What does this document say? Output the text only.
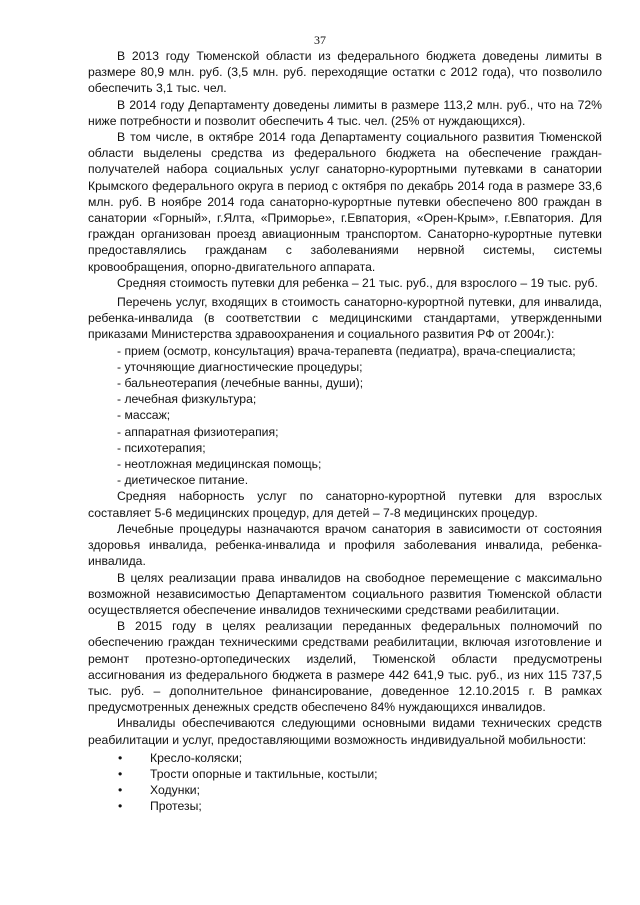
37

В 2013 году Тюменской области из федерального бюджета доведены лимиты в размере 80,9 млн. руб. (3,5 млн. руб. переходящие остатки с 2012 года), что позволило обеспечить 3,1 тыс. чел.

В 2014 году Департаменту доведены лимиты в размере 113,2 млн. руб., что на 72% ниже потребности и позволит обеспечить 4 тыс. чел. (25% от нуждающихся).

В том числе, в октябре 2014 года Департаменту социального развития Тюменской области выделены средства из федерального бюджета на обеспечение граждан-получателей набора социальных услуг санаторно-курортными путевками в санатории Крымского федерального округа в период с октября по декабрь 2014 года в размере 33,6 млн. руб. В ноябре 2014 года санаторно-курортные путевки обеспечено 800 граждан в санатории «Горный», г.Ялта, «Приморье», г.Евпатория, «Орен-Крым», г.Евпатория. Для граждан организован проезд авиационным транспортом. Санаторно-курортные путевки предоставлялись гражданам с заболеваниями нервной системы, системы кровообращения, опорно-двигательного аппарата.

Средняя стоимость путевки для ребенка – 21 тыс. руб., для взрослого – 19 тыс. руб.

Перечень услуг, входящих в стоимость санаторно-курортной путевки, для инвалида, ребенка-инвалида (в соответствии с медицинскими стандартами, утвержденными приказами Министерства здравоохранения и социального развития РФ от 2004г.):

- прием (осмотр, консультация) врача-терапевта (педиатра), врача-специалиста;

- уточняющие диагностические процедуры;

- бальнеотерапия (лечебные ванны, души);

- лечебная физкультура;

- массаж;

- аппаратная физиотерапия;

- психотерапия;

- неотложная медицинская помощь;

- диетическое питание.

Средняя наборность услуг по санаторно-курортной путевки для взрослых составляет 5-6 медицинских процедур, для детей – 7-8 медицинских процедур.

Лечебные процедуры назначаются врачом санатория в зависимости от состояния здоровья инвалида, ребенка-инвалида и профиля заболевания инвалида, ребенка-инвалида.

В целях реализации права инвалидов на свободное перемещение с максимально возможной независимостью Департаментом социального развития Тюменской области осуществляется обеспечение инвалидов техническими средствами реабилитации.

В 2015 году в целях реализации переданных федеральных полномочий по обеспечению граждан техническими средствами реабилитации, включая изготовление и ремонт протезно-ортопедических изделий, Тюменской области предусмотрены ассигнования из федерального бюджета в размере 442 641,9 тыс. руб., из них 115 737,5 тыс. руб. – дополнительное финансирование, доведенное 12.10.2015 г. В рамках предусмотренных денежных средств обеспечено 84% нуждающихся инвалидов.

Инвалиды обеспечиваются следующими основными видами технических средств реабилитации и услуг, предоставляющими возможность индивидуальной мобильности:

• Кресло-коляски;
• Трости опорные и тактильные, костыли;
• Ходунки;
• Протезы;
